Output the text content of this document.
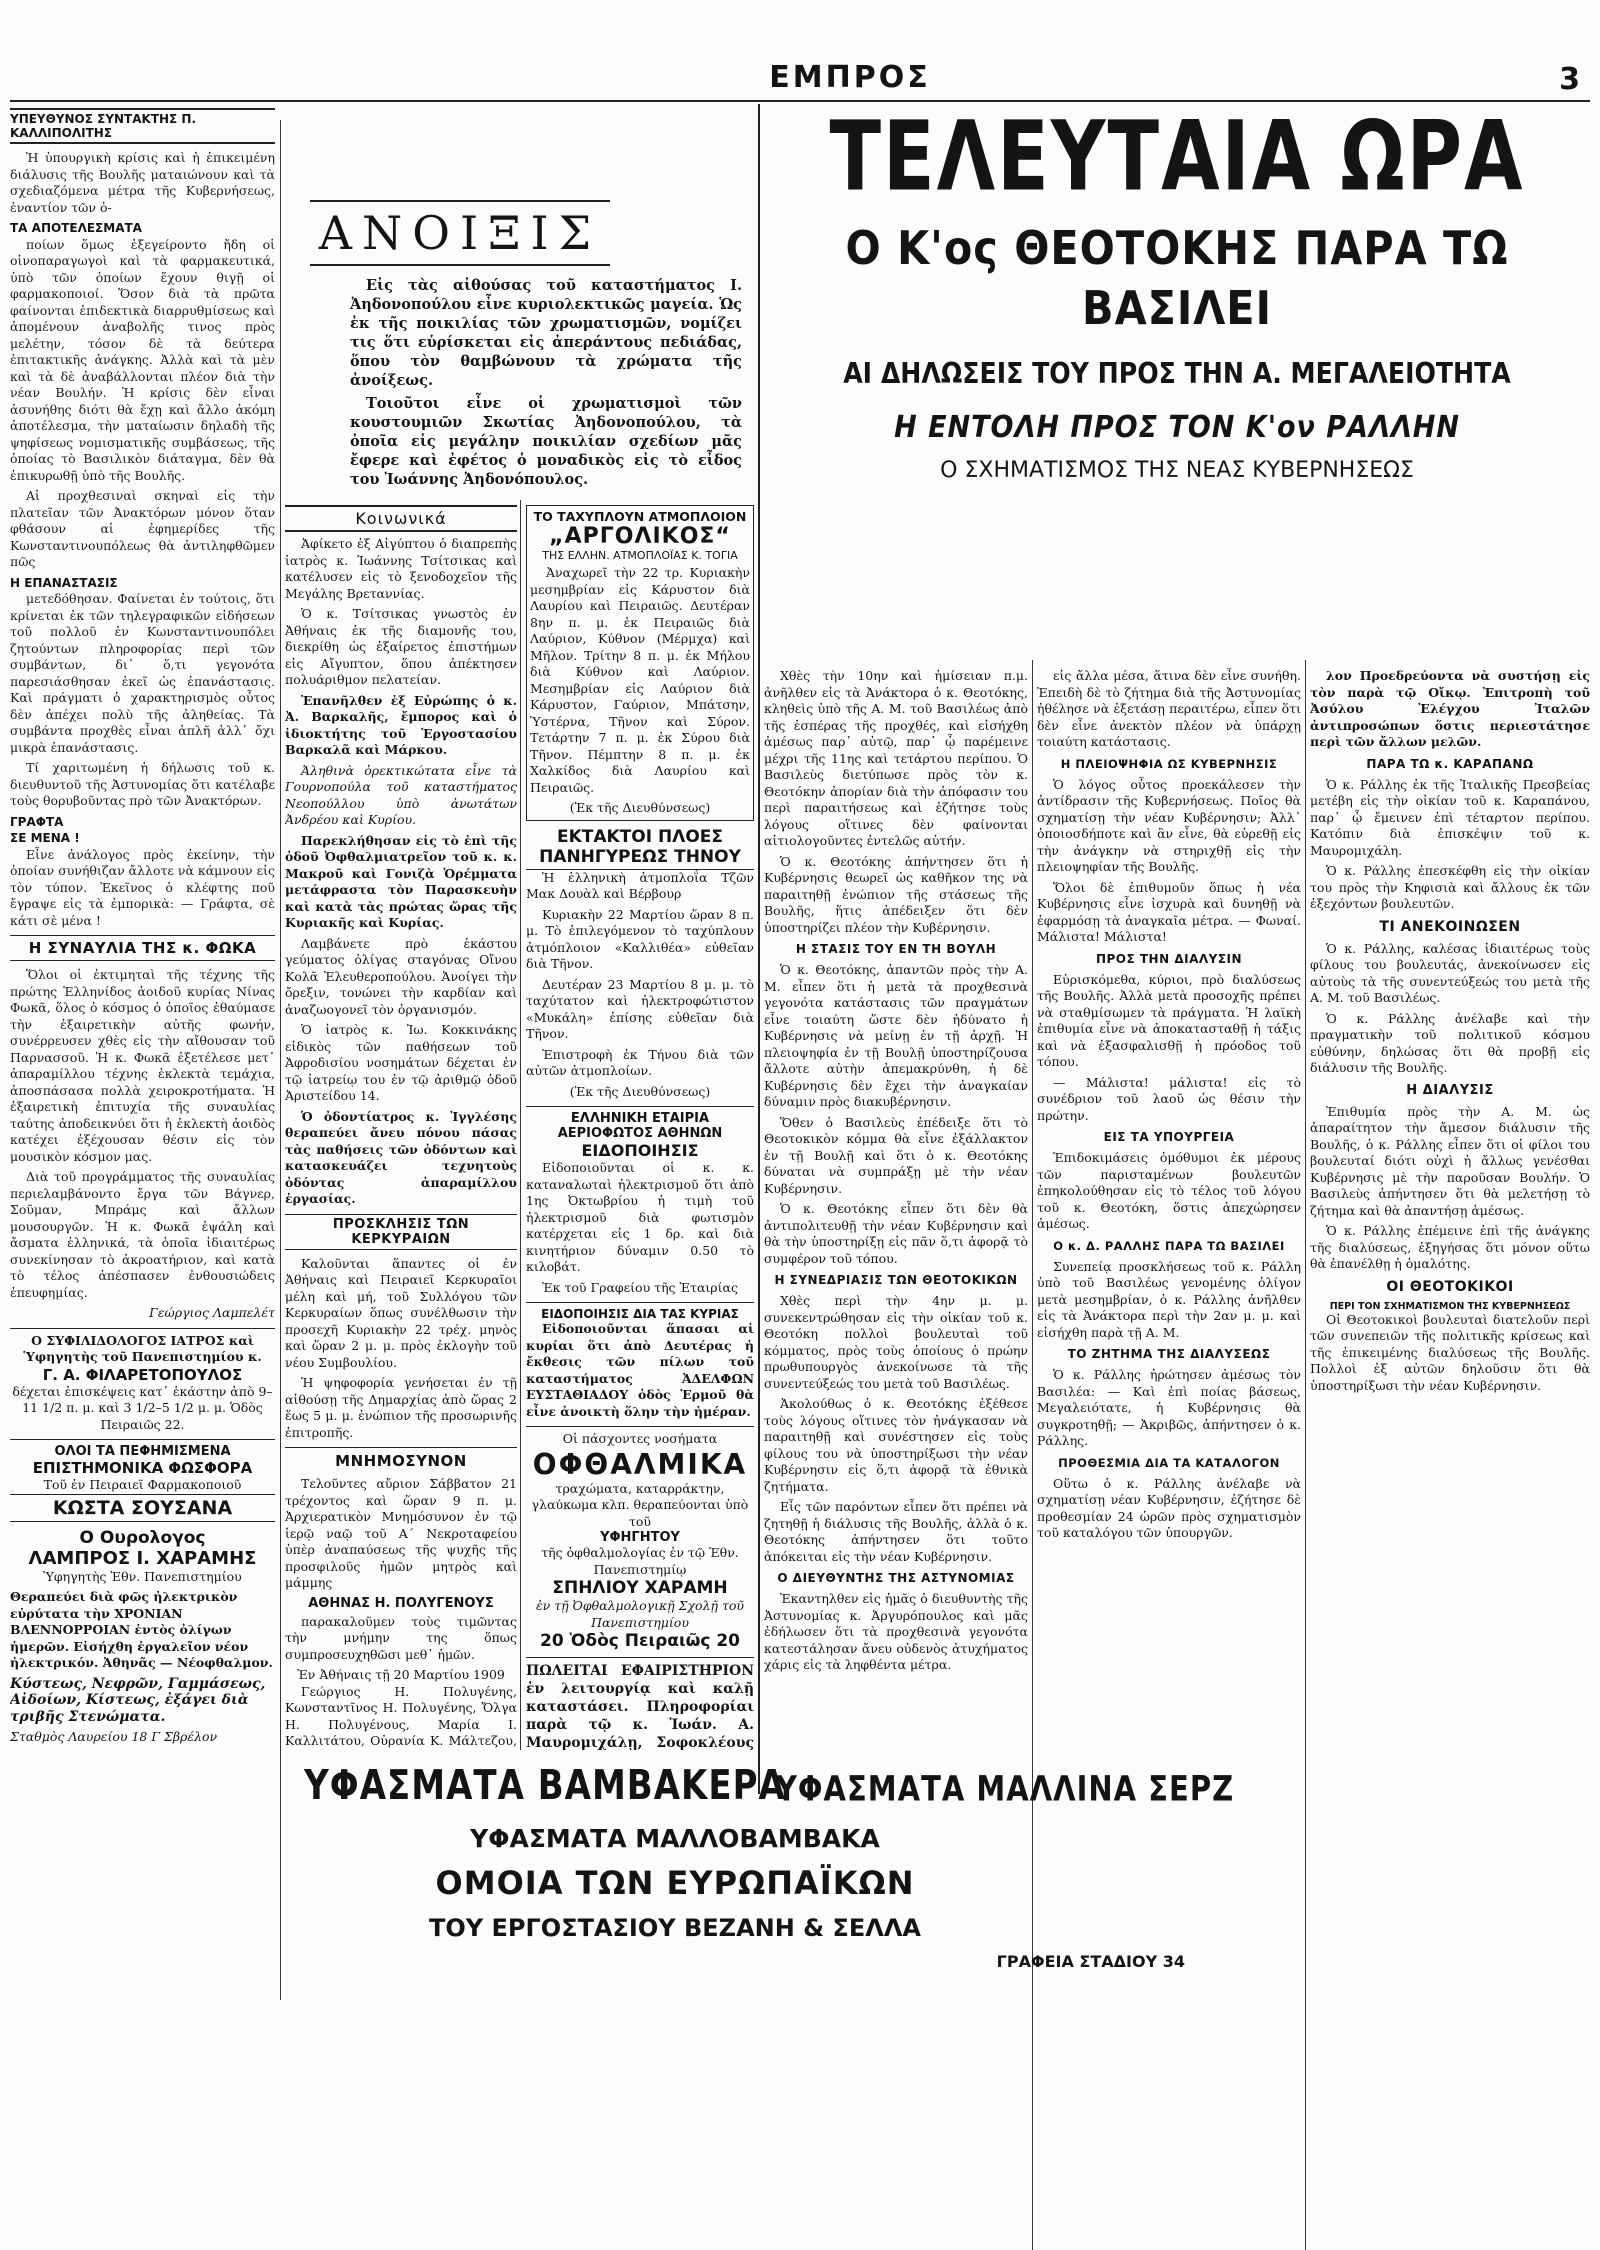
ΕΜΠΡΟΣ	3
ΥΠΕΥΘΥΝΟΣ ΣΥΝΤΑΚΤΗΣ Π. ΚΑΛΛΙΠΟΛΙΤΗΣ

Ἡ ὑπουργικὴ κρίσις καὶ ἡ ἐπικειμένη διάλυσις τῆς Βουλῆς ματαιώνουν καὶ τὰ σχεδιαζόμενα μέτρα τῆς Κυβερνήσεως, ἐναντίον τῶν ὁ-

ΤΑ ΑΠΟΤΕΛΕΣΜΑΤΑ

ποίων ὅμως ἐξεγείροντο ἤδη οἱ οἰνοπαραγωγοὶ καὶ τὰ φαρμακευτικά, ὑπὸ τῶν ὁποίων ἔχουν θιγῇ οἱ φαρμακοποιοί. Ὅσον διὰ τὰ πρῶτα φαίνονται ἐπιδεκτικὰ διαρρυθμίσεως καὶ ἀπομένουν ἀναβολῆς τινος πρὸς μελέτην, τόσον δὲ τὰ δεύτερα ἐπιτακτικῆς ἀνάγκης. Ἀλλὰ καὶ τὰ μὲν καὶ τὰ δὲ ἀναβάλλονται πλέον διὰ τὴν νέαν Βουλήν. Ἡ κρίσις δὲν εἶναι ἀσυνήθης διότι θὰ ἔχῃ καὶ ἄλλο ἀκόμη ἀποτέλεσμα, τὴν ματαίωσιν δηλαδὴ τῆς ψηφίσεως νομισματικῆς συμβάσεως, τῆς ὁποίας τὸ Βασιλικὸν διάταγμα, δὲν θὰ ἐπικυρωθῇ ὑπὸ τῆς Βουλῆς.

Αἱ προχθεσιναὶ σκηναὶ εἰς τὴν πλατεῖαν τῶν Ἀνακτόρων μόνον ὅταν φθάσουν αἱ ἐφημερίδες τῆς Κωνσταντινουπόλεως θὰ ἀντιληφθῶμεν πῶς

Η ΕΠΑΝΑΣΤΑΣΙΣ

μετεδόθησαν. Φαίνεται ἐν τούτοις, ὅτι κρίνεται ἐκ τῶν τηλεγραφικῶν εἰδήσεων τοῦ πολλοῦ ἐν Κωνσταντινουπόλει ζητούντων πληροφορίας περὶ τῶν συμβάντων, δι᾽ ὅ,τι γεγονότα παρεσιάσθησαν ἐκεῖ ὡς ἐπανάστασις. Καὶ πράγματι ὁ χαρακτηρισμὸς οὗτος δὲν ἀπέχει πολὺ τῆς ἀληθείας. Τὰ συμβάντα προχθὲς εἶναι ἁπλῆ ἀλλ᾽ ὄχι μικρὰ ἐπανάστασις.

Τί χαριτωμένη ἡ δήλωσις τοῦ κ. διευθυντοῦ τῆς Ἀστυνομίας ὅτι κατέλαβε τοὺς θορυβοῦντας πρὸ τῶν Ἀνακτόρων.

ΓΡΑΦΤΑ
ΣΕ ΜΕΝΑ !

Εἶνε ἀνάλογος πρὸς ἐκείνην, τὴν ὁποίαν συνήθιζαν ἄλλοτε νὰ κάμνουν εἰς τὸν τύπον. Ἐκεῖνος ὁ κλέφτης ποῦ ἔγραψε εἰς τὰ ἐμπορικὰ: — Γράφτα, σὲ κάτι σὲ μένα !

Η ΣΥΝΑΥΛΙΑ ΤΗΣ κ. ΦΩΚΑ

Ὅλοι οἱ ἐκτιμηταὶ τῆς τέχνης τῆς πρώτης Ἑλληνίδος ἀοιδοῦ κυρίας Νίνας Φωκᾶ, ὅλος ὁ κόσμος ὁ ὁποῖος ἐθαύμασε τὴν ἐξαιρετικὴν αὐτῆς φωνήν, συνέρρευσεν χθὲς εἰς τὴν αἴθουσαν τοῦ Παρνασσοῦ. Ἡ κ. Φωκᾶ ἐξετέλεσε μετ᾽ ἀπαραμίλλου τέχνης ἐκλεκτὰ τεμάχια, ἀποσπάσασα πολλὰ χειροκροτήματα. Ἡ ἐξαιρετικὴ ἐπιτυχία τῆς συναυλίας ταύτης ἀποδεικνύει ὅτι ἡ ἐκλεκτὴ ἀοιδὸς κατέχει ἐξέχουσαν θέσιν εἰς τὸν μουσικὸν κόσμον μας.

Διὰ τοῦ προγράμματος τῆς συναυλίας περιελαμβάνοντο ἔργα τῶν Βάγνερ, Σοῦμαν, Μπράμς καὶ ἄλλων μουσουργῶν. Ἡ κ. Φωκᾶ ἐψάλη καὶ ἄσματα ἑλληνικά, τὰ ὁποῖα ἰδιαιτέρως συνεκίνησαν τὸ ἀκροατήριον, καὶ κατὰ τὸ τέλος ἀπέσπασεν ἐνθουσιώδεις ἐπευφημίας.

Γεώργιος Λαμπελέτ
Ο ΣΥΦΙΛΙΔΟΛΟΓΟΣ ΙΑΤΡΟΣ καὶ Ὑφηγητὴς τοῦ Πανεπιστημίου κ.
Γ. Α. ΦΙΛΑΡΕΤΟΠΟΥΛΟΣ
δέχεται ἐπισκέψεις κατ᾽ ἑκάστην ἀπὸ 9–11 1/2 π. μ. καὶ 3 1/2–5 1/2 μ. μ. Ὁδὸς Πειραιῶς 22.
ΟΛΟΙ ΤΑ ΠΕΦΗΜΙΣΜΕΝΑ
ΕΠΙΣΤΗΜΟΝΙΚΑ ΦΩΣΦΟΡΑ
Τοῦ ἐν Πειραιεῖ Φαρμακοποιοῦ
ΚΩΣΤΑ ΣΟΥΣΑΝΑ
Ο Ουρολογος
ΛΑΜΠΡΟΣ Ι. ΧΑΡΑΜΗΣ
Ὑφηγητὴς Ἐθν. Πανεπιστημίου
Θεραπεύει διὰ φῶς ἠλεκτρικὸν εὐρύτατα τὴν ΧΡΟΝΙΑΝ ΒΛΕΝΝΟΡΡΟΙΑΝ ἐντὸς ὀλίγων ἡμερῶν. Εἰσήχθη ἐργαλεῖον νέον ἠλεκτρικόν. Ἀθηνᾶς — Νέοφθαλμον.
Κύστεως, Νεφρῶν, Γαμμάσεως, Αἰδοίων, Κίστεως, ἐξάγει διὰ τριβῆς Στενώματα.
Σταθμὸς Λαυρείου 18 Γ Σβρέλον
ΑΝΟΙΞΙΣ

Εἰς τὰς αἰθούσας τοῦ καταστήματος Ι. Ἀηδονοπούλου εἶνε κυριολεκτικῶς μαγεία. Ὡς ἐκ τῆς ποικιλίας τῶν χρωματισμῶν, νομίζει τις ὅτι εὑρίσκεται εἰς ἀπεράντους πεδιάδας, ὅπου τὸν θαμβώνουν τὰ χρώματα τῆς ἀνοίξεως.

Τοιοῦτοι εἶνε οἱ χρωματισμοὶ τῶν κουστουμιῶν Σκωτίας Ἀηδονοπούλου, τὰ ὁποῖα εἰς μεγάλην ποικιλίαν σχεδίων μᾶς ἔφερε καὶ ἐφέτος ὁ μοναδικὸς εἰς τὸ εἶδος του Ἰωάννης Ἀηδονόπουλος.

Κοινωνικά

Ἀφίκετο ἐξ Αἰγύπτου ὁ διαπρεπὴς ἰατρὸς κ. Ἰωάννης Τσίτσικας καὶ κατέλυσεν εἰς τὸ ξενοδοχεῖον τῆς Μεγάλης Βρεταννίας.

Ὁ κ. Τσίτσικας γνωστὸς ἐν Ἀθήναις ἐκ τῆς διαμονῆς του, διεκρίθη ὡς ἐξαίρετος ἐπιστήμων εἰς Αἴγυπτον, ὅπου ἀπέκτησεν πολυάριθμον πελατείαν.

Ἐπανῆλθεν ἐξ Εὐρώπης ὁ κ. Ἀ. Βαρκαλῆς, ἔμπορος καὶ ὁ ἰδιοκτήτης τοῦ Ἐργοστασίου Βαρκαλᾶ καὶ Μάρκου.

Ἀληθινὰ ὀρεκτικώτατα εἶνε τὰ Γουρνοπούλα τοῦ καταστήματος Νεοπούλλου ὑπὸ ἀνωτάτων Ἀνδρέου καὶ Κυρίου.

Παρεκλήθησαν εἰς τὸ ἐπὶ τῆς ὁδοῦ Ὀφθαλμιατρεῖον τοῦ κ. κ. Μακροῦ καὶ Γονιζὰ Ὁρέμματα μετάφραστα τὸν Παρασκευὴν καὶ κατὰ τὰς πρώτας ὥρας τῆς Κυριακῆς καὶ Κυρίας.

Λαμβάνετε πρὸ ἑκάστου γεύματος ὀλίγας σταγόνας Οἴνου Κολᾶ Ἐλευθεροπούλου. Ἀνοίγει τὴν ὄρεξιν, τονώνει τὴν καρδίαν καὶ ἀναζωογονεῖ τὸν ὀργανισμόν.

Ὁ ἰατρὸς κ. Ἰω. Κοκκινάκης εἰδικὸς τῶν παθήσεων τοῦ Ἀφροδισίου νοσημάτων δέχεται ἐν τῷ ἰατρείῳ του ἐν τῷ ἀριθμῷ ὁδοῦ Ἀριστείδου 14.

Ὁ ὀδοντίατρος κ. Ἰγγλέσης θεραπεύει ἄνευ πόνου πάσας τὰς παθήσεις τῶν ὀδόντων καὶ κατασκευάζει τεχνητοὺς ὀδόντας ἀπαραμίλλου ἐργασίας.

ΠΡΟΣΚΛΗΣΙΣ ΤΩΝ ΚΕΡΚΥΡΑΙΩΝ

Καλοῦνται ἅπαντες οἱ ἐν Ἀθήναις καὶ Πειραιεῖ Κερκυραῖοι μέλη καὶ μή, τοῦ Συλλόγου τῶν Κερκυραίων ὅπως συνέλθωσιν τὴν προσεχῆ Κυριακὴν 22 τρέχ. μηνὸς καὶ ὥραν 2 μ. μ. πρὸς ἐκλογὴν τοῦ νέου Συμβουλίου.

Ἡ ψηφοφορία γενήσεται ἐν τῇ αἰθούσῃ τῆς Δημαρχίας ἀπὸ ὥρας 2 ἕως 5 μ. μ. ἐνώπιον τῆς προσωρινῆς ἐπιτροπῆς.

ΜΝΗΜΟΣΥΝΟΝ

Τελοῦντες αὔριον Σάββατον 21 τρέχοντος καὶ ὥραν 9 π. μ. Ἀρχιερατικὸν Μνημόσυνον ἐν τῷ ἱερῷ ναῷ τοῦ Α΄ Νεκροταφείου ὑπὲρ ἀναπαύσεως τῆς ψυχῆς τῆς προσφιλοῦς ἡμῶν μητρὸς καὶ μάμμης

ΑΘΗΝΑΣ Η. ΠΟΛΥΓΕΝΟΥΣ

παρακαλοῦμεν τοὺς τιμῶντας τὴν μνήμην της ὅπως συμπροσευχηθῶσι μεθ᾽ ἡμῶν.

Ἐν Ἀθήναις τῇ 20 Μαρτίου 1909

Γεώργιος Η. Πολυγένης, Κωνσταντῖνος Η. Πολυγένης, Ὄλγα Η. Πολυγένους, Μαρία Ι. Καλλιτάτου, Οὐρανία Κ. Μάλτεζου,

ΤΟ ΤΑΧΥΠΛΟΥΝ ΑΤΜΟΠΛΟΙΟΝ
„ΑΡΓΟΛΙΚΟΣ“
ΤΗΣ ΕΛΛΗΝ. ΑΤΜΟΠΛΟΪΑΣ Κ. ΤΟΓΙΑ

Ἀναχωρεῖ τὴν 22 τρ. Κυριακὴν μεσημβρίαν εἰς Κάρυστον διὰ Λαυρίου καὶ Πειραιῶς. Δευτέραν 8ην π. μ. ἐκ Πειραιῶς διὰ Λαύριον, Κύθνον (Μέρμχα) καὶ Μῆλον. Τρίτην 8 π. μ. ἐκ Μήλου διὰ Κύθνον καὶ Λαύριον. Μεσημβρίαν εἰς Λαύριον διὰ Κάρυστον, Γαύριον, Μπάτσην, Ὑστέρνα, Τῆνον καὶ Σύρον. Τετάρτην 7 π. μ. ἐκ Σύρου διὰ Τῆνον. Πέμπτην 8 π. μ. ἐκ Χαλκίδος διὰ Λαυρίου καὶ Πειραιῶς.

(Ἐκ τῆς Διευθύνσεως)
ΕΚΤΑΚΤΟΙ ΠΛΟΕΣ
ΠΑΝΗΓΥΡΕΩΣ ΤΗΝΟΥ

Ἡ ἑλληνικὴ ἀτμοπλοΐα Τζῶν Μακ Δουὰλ καὶ Βέρβουρ

Κυριακὴν 22 Μαρτίου ὥραν 8 π. μ. Τὸ ἐπιλεγόμενον τὸ ταχύπλουν ἀτμόπλοιον «Καλλιθέα» εὐθεῖαν διὰ Τῆνον.

Δευτέραν 23 Μαρτίου 8 μ. μ. τὸ ταχύτατον καὶ ἠλεκτροφώτιστον «Μυκάλη» ἐπίσης εὐθεῖαν διὰ Τῆνον.

Ἐπιστροφὴ ἐκ Τήνου διὰ τῶν αὐτῶν ἀτμοπλοίων.

(Ἐκ τῆς Διευθύνσεως)
ΕΛΛΗΝΙΚΗ ΕΤΑΙΡΙΑ
ΑΕΡΙΟΦΩΤΟΣ ΑΘΗΝΩΝ
ΕΙΔΟΠΟΙΗΣΙΣ

Εἰδοποιοῦνται οἱ κ. κ. καταναλωταὶ ἠλεκτρισμοῦ ὅτι ἀπὸ 1ης Ὀκτωβρίου ἡ τιμὴ τοῦ ἠλεκτρισμοῦ διὰ φωτισμὸν κατέρχεται εἰς 1 δρ. καὶ διὰ κινητήριον δύναμιν 0.50 τὸ κιλοβάτ.

Ἐκ τοῦ Γραφείου τῆς Ἑταιρίας
ΕΙΔΟΠΟΙΗΣΙΣ ΔΙΑ ΤΑΣ ΚΥΡΙΑΣ

Εἰδοποιοῦνται ἅπασαι αἱ κυρίαι ὅτι ἀπὸ Δευτέρας ἡ ἔκθεσις τῶν πίλων τοῦ καταστήματος ἈΔΕΛΦΩΝ ΕΥΣΤΑΘΙΑΔΟΥ ὁδὸς Ἑρμοῦ θὰ εἶνε ἀνοικτὴ ὅλην τὴν ἡμέραν.

Οἱ πάσχοντες νοσήματα
ΟΦΘΑΛΜΙΚΑ
τραχώματα, καταρράκτην, γλαύκωμα κλπ. θεραπεύονται ὑπὸ τοῦ
ΥΦΗΓΗΤΟΥ
τῆς ὀφθαλμολογίας ἐν τῷ Ἐθν. Πανεπιστημίῳ
ΣΠΗΛΙΟΥ ΧΑΡΑΜΗ
ἐν τῇ Ὀφθαλμολογικῇ Σχολῇ τοῦ Πανεπιστημίου
20 Ὁδὸς Πειραιῶς 20

ΠΩΛΕΙΤΑΙ ΕΦΑΙΡΙΣΤΗΡΙΟΝ ἐν λειτουργίᾳ καὶ καλῇ καταστάσει. Πληροφορίαι παρὰ τῷ κ. Ἰωάν. Α. Μαυρομιχάλῃ, Σοφοκλέους

ΤΕΛΕΥΤΑΙΑ ΩΡΑ
Ο Κ'ος ΘΕΟΤΟΚΗΣ ΠΑΡΑ ΤΩ ΒΑΣΙΛΕΙ
ΑΙ ΔΗΛΩΣΕΙΣ ΤΟΥ ΠΡΟΣ ΤΗΝ Α. ΜΕΓΑΛΕΙΟΤΗΤΑ
Η ΕΝΤΟΛΗ ΠΡΟΣ ΤΟΝ Κ'ον ΡΑΛΛΗΝ
Ο ΣΧΗΜΑΤΙΣΜΟΣ ΤΗΣ ΝΕΑΣ ΚΥΒΕΡΝΗΣΕΩΣ

Χθὲς τὴν 10ην καὶ ἡμίσειαν π.μ. ἀνῆλθεν εἰς τὰ Ἀνάκτορα ὁ κ. Θεοτόκης, κληθεὶς ὑπὸ τῆς Α. Μ. τοῦ Βασιλέως ἀπὸ τῆς ἑσπέρας τῆς προχθές, καὶ εἰσήχθη ἀμέσως παρ᾽ αὐτῷ, παρ᾽ ᾧ παρέμεινε μέχρι τῆς 11ης καὶ τετάρτου περίπου. Ὁ Βασιλεὺς διετύπωσε πρὸς τὸν κ. Θεοτόκην ἀπορίαν διὰ τὴν ἀπόφασιν του περὶ παραιτήσεως καὶ ἐζήτησε τοὺς λόγους οἵτινες δὲν φαίνονται αἰτιολογοῦντες ἐντελῶς αὐτήν.

Ὁ κ. Θεοτόκης ἀπήντησεν ὅτι ἡ Κυβέρνησις θεωρεῖ ὡς καθῆκον της νὰ παραιτηθῇ ἐνώπιον τῆς στάσεως τῆς Βουλῆς, ἥτις ἀπέδειξεν ὅτι δὲν ὑποστηρίζει πλέον τὴν Κυβέρνησιν.

Η ΣΤΑΣΙΣ ΤΟΥ ΕΝ ΤΗ ΒΟΥΛΗ

Ὁ κ. Θεοτόκης, ἀπαντῶν πρὸς τὴν Α. Μ. εἶπεν ὅτι ἡ μετὰ τὰ προχθεσινὰ γεγονότα κατάστασις τῶν πραγμάτων εἶνε τοιαύτη ὥστε δὲν ἠδύνατο ἡ Κυβέρνησις νὰ μείνῃ ἐν τῇ ἀρχῇ. Ἡ πλειοψηφία ἐν τῇ Βουλῇ ὑποστηρίζουσα ἄλλοτε αὐτὴν ἀπεμακρύνθη, ἡ δὲ Κυβέρνησις δὲν ἔχει τὴν ἀναγκαίαν δύναμιν πρὸς διακυβέρνησιν.

Ὅθεν ὁ Βασιλεὺς ἐπέδειξε ὅτι τὸ Θεοτοκικὸν κόμμα θὰ εἶνε ἐξάλλακτον ἐν τῇ Βουλῇ καὶ ὅτι ὁ κ. Θεοτόκης δύναται νὰ συμπράξῃ μὲ τὴν νέαν Κυβέρνησιν.

Ὁ κ. Θεοτόκης εἶπεν ὅτι δὲν θὰ ἀντιπολιτευθῇ τὴν νέαν Κυβέρνησιν καὶ θὰ τὴν ὑποστηρίξῃ εἰς πᾶν ὅ,τι ἀφορᾷ τὸ συμφέρον τοῦ τόπου.

Η ΣΥΝΕΔΡΙΑΣΙΣ ΤΩΝ ΘΕΟΤΟΚΙΚΩΝ

Χθὲς περὶ τὴν 4ην μ. μ. συνεκεντρώθησαν εἰς τὴν οἰκίαν τοῦ κ. Θεοτόκη πολλοὶ βουλευταὶ τοῦ κόμματος, πρὸς τοὺς ὁποίους ὁ πρώην πρωθυπουργὸς ἀνεκοίνωσε τὰ τῆς συνεντεύξεώς του μετὰ τοῦ Βασιλέως.

Ἀκολούθως ὁ κ. Θεοτόκης ἐξέθεσε τοὺς λόγους οἵτινες τὸν ἠνάγκασαν νὰ παραιτηθῇ καὶ συνέστησεν εἰς τοὺς φίλους του νὰ ὑποστηρίξωσι τὴν νέαν Κυβέρνησιν εἰς ὅ,τι ἀφορᾷ τὰ ἐθνικὰ ζητήματα.

Εἷς τῶν παρόντων εἶπεν ὅτι πρέπει νὰ ζητηθῇ ἡ διάλυσις τῆς Βουλῆς, ἀλλὰ ὁ κ. Θεοτόκης ἀπήντησεν ὅτι τοῦτο ἀπόκειται εἰς τὴν νέαν Κυβέρνησιν.

Ο ΔΙΕΥΘΥΝΤΗΣ ΤΗΣ ΑΣΤΥΝΟΜΙΑΣ

Ἐκαντηλθεν εἰς ἡμᾶς ὁ διευθυντὴς τῆς Ἀστυνομίας κ. Ἀργυρόπουλος καὶ μᾶς ἐδήλωσεν ὅτι τὰ προχθεσινὰ γεγονότα κατεστάλησαν ἄνευ οὐδενὸς ἀτυχήματος χάρις εἰς τὰ ληφθέντα μέτρα.

εἰς ἄλλα μέσα, ἅτινα δὲν εἶνε συνήθη. Ἐπειδὴ δὲ τὸ ζήτημα διὰ τῆς Ἀστυνομίας ἠθέλησε νὰ ἐξετάσῃ περαιτέρω, εἶπεν ὅτι δὲν εἶνε ἀνεκτὸν πλέον νὰ ὑπάρχῃ τοιαύτη κατάστασις.

Η ΠΛΕΙΟΨΗΦΙΑ ΩΣ ΚΥΒΕΡΝΗΣΙΣ

Ὁ λόγος οὗτος προεκάλεσεν τὴν ἀντίδρασιν τῆς Κυβερνήσεως. Ποῖος θὰ σχηματίσῃ τὴν νέαν Κυβέρνησιν; Ἀλλ᾽ ὁποιοσδήποτε καὶ ἂν εἶνε, θὰ εὑρεθῇ εἰς τὴν ἀνάγκην νὰ στηριχθῇ εἰς τὴν πλειοψηφίαν τῆς Βουλῆς.

Ὅλοι δὲ ἐπιθυμοῦν ὅπως ἡ νέα Κυβέρνησις εἶνε ἰσχυρὰ καὶ δυνηθῇ νὰ ἐφαρμόσῃ τὰ ἀναγκαῖα μέτρα. — Φωναί. Μάλιστα! Μάλιστα!

ΠΡΟΣ ΤΗΝ ΔΙΑΛΥΣΙΝ

Εὑρισκόμεθα, κύριοι, πρὸ διαλύσεως τῆς Βουλῆς. Ἀλλὰ μετὰ προσοχῆς πρέπει νὰ σταθμίσωμεν τὰ πράγματα. Ἡ λαϊκὴ ἐπιθυμία εἶνε νὰ ἀποκατασταθῇ ἡ τάξις καὶ νὰ ἐξασφαλισθῇ ἡ πρόοδος τοῦ τόπου.

— Μάλιστα! μάλιστα! εἰς τὸ συνέδριον τοῦ λαοῦ ὡς θέσιν τὴν πρώτην.

ΕΙΣ ΤΑ ΥΠΟΥΡΓΕΙΑ

Ἐπιδοκιμάσεις ὁμόθυμοι ἐκ μέρους τῶν παρισταμένων βουλευτῶν ἐπηκολούθησαν εἰς τὸ τέλος τοῦ λόγου τοῦ κ. Θεοτόκη, ὅστις ἀπεχώρησεν ἀμέσως.

Ο κ. Δ. ΡΑΛΛΗΣ ΠΑΡΑ ΤΩ ΒΑΣΙΛΕΙ

Συνεπείᾳ προσκλήσεως τοῦ κ. Ράλλη ὑπὸ τοῦ Βασιλέως γενομένης ὀλίγον μετὰ μεσημβρίαν, ὁ κ. Ράλλης ἀνῆλθεν εἰς τὰ Ἀνάκτορα περὶ τὴν 2αν μ. μ. καὶ εἰσήχθη παρὰ τῇ Α. Μ.

ΤΟ ΖΗΤΗΜΑ ΤΗΣ ΔΙΑΛΥΣΕΩΣ

Ὁ κ. Ράλλης ἠρώτησεν ἀμέσως τὸν Βασιλέα: — Καὶ ἐπὶ ποίας βάσεως, Μεγαλειότατε, ἡ Κυβέρνησις θὰ συγκροτηθῇ; — Ἀκριβῶς, ἀπήντησεν ὁ κ. Ράλλης.

ΠΡΟΘΕΣΜΙΑ ΔΙΑ ΤΑ ΚΑΤΑΛΟΓΟΝ

Οὕτω ὁ κ. Ράλλης ἀνέλαβε νὰ σχηματίσῃ νέαν Κυβέρνησιν, ἐζήτησε δὲ προθεσμίαν 24 ὡρῶν πρὸς σχηματισμὸν τοῦ καταλόγου τῶν ὑπουργῶν.

λον Προεδρεύοντα νὰ συστήσῃ εἰς τὸν παρὰ τῷ Οἴκῳ. Ἐπιτροπὴ τοῦ Ἀσύλου Ἐλέγχου Ἰταλῶν ἀντιπροσώπων ὅστις περιεστάτησε περὶ τῶν ἄλλων μελῶν.

ΠΑΡΑ ΤΩ κ. ΚΑΡΑΠΑΝΩ

Ὁ κ. Ράλλης ἐκ τῆς Ἰταλικῆς Πρεσβείας μετέβη εἰς τὴν οἰκίαν τοῦ κ. Καραπάνου, παρ᾽ ᾧ ἔμεινεν ἐπὶ τέταρτον περίπου. Κατόπιν διὰ ἐπισκέψιν τοῦ κ. Μαυρομιχάλη.

Ὁ κ. Ράλλης ἐπεσκέφθη εἰς τὴν οἰκίαν του πρὸς τὴν Κηφισιὰ καὶ ἄλλους ἐκ τῶν ἐξεχόντων βουλευτῶν.

ΤΙ ΑΝΕΚΟΙΝΩΣΕΝ

Ὁ κ. Ράλλης, καλέσας ἰδιαιτέρως τοὺς φίλους του βουλευτάς, ἀνεκοίνωσεν εἰς αὐτοὺς τὰ τῆς συνεντεύξεώς του μετὰ τῆς Α. Μ. τοῦ Βασιλέως.

Ὁ κ. Ράλλης ἀνέλαβε καὶ τὴν πραγματικὴν τοῦ πολιτικοῦ κόσμου εὐθύνην, δηλώσας ὅτι θὰ προβῇ εἰς διάλυσιν τῆς Βουλῆς.

Η ΔΙΑΛΥΣΙΣ

Ἐπιθυμία πρὸς τὴν Α. Μ. ὡς ἀπαραίτητον τὴν ἄμεσον διάλυσιν τῆς Βουλῆς, ὁ κ. Ράλλης εἶπεν ὅτι οἱ φίλοι του βουλευταί διότι οὐχὶ ἡ ἄλλως γενέσθαι Κυβέρνησις μὲ τὴν παροῦσαν Βουλήν. Ὁ Βασιλεὺς ἀπήντησεν ὅτι θὰ μελετήσῃ τὸ ζήτημα καὶ θὰ ἀπαντήσῃ ἀμέσως.

Ὁ κ. Ράλλης ἐπέμεινε ἐπὶ τῆς ἀνάγκης τῆς διαλύσεως, ἐξηγήσας ὅτι μόνον οὕτω θὰ ἐπανέλθῃ ἡ ὁμαλότης.

ΟΙ ΘΕΟΤΟΚΙΚΟΙ
ΠΕΡΙ ΤΟΝ ΣΧΗΜΑΤΙΣΜΟΝ ΤΗΣ ΚΥΒΕΡΝΗΣΕΩΣ

Οἱ Θεοτοκικοὶ βουλευταὶ διατελοῦν περὶ τῶν συνεπειῶν τῆς πολιτικῆς κρίσεως καὶ τῆς ἐπικειμένης διαλύσεως τῆς Βουλῆς. Πολλοὶ ἐξ αὐτῶν δηλοῦσιν ὅτι θὰ ὑποστηρίξωσι τὴν νέαν Κυβέρνησιν.

ΥΦΑΣΜΑΤΑ ΒΑΜΒΑΚΕΡΑ
ΥΦΑΣΜΑΤΑ ΜΑΛΛΙΝΑ ΣΕΡΖ
ΥΦΑΣΜΑΤΑ ΜΑΛΛΟΒΑΜΒΑΚΑ
ΟΜΟΙΑ ΤΩΝ ΕΥΡΩΠΑΪΚΩΝ
ΤΟΥ ΕΡΓΟΣΤΑΣΙΟΥ ΒΕΖΑΝΗ & ΣΕΛΛΑ
ΓΡΑΦΕΙΑ ΣΤΑΔΙΟΥ 34
